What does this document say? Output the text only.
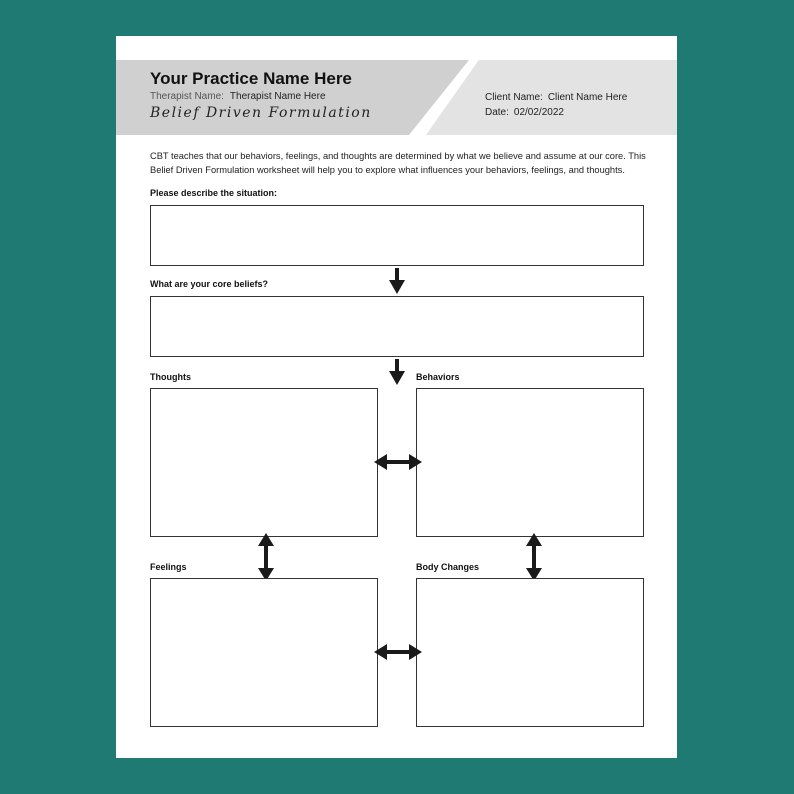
Your Practice Name Here
Therapist Name: Therapist Name Here
Belief Driven Formulation
Client Name: Client Name Here
Date: 02/02/2022
CBT teaches that our behaviors, feelings, and thoughts are determined by what we believe and assume at our core. This Belief Driven Formulation worksheet will help you to explore what influences your behaviors, feelings, and thoughts.
Please describe the situation:
What are your core beliefs?
Thoughts	Behaviors
Feelings	Body Changes
